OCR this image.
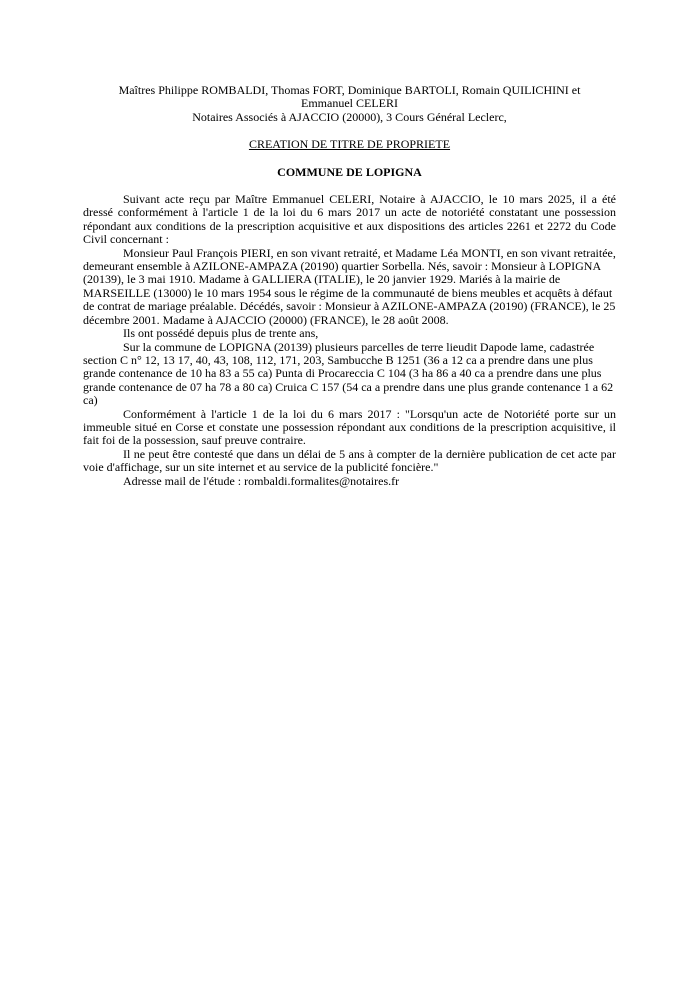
Maîtres Philippe ROMBALDI, Thomas FORT, Dominique BARTOLI, Romain QUILICHINI et
Emmanuel CELERI
Notaires Associés à AJACCIO (20000), 3 Cours Général Leclerc,
CREATION DE TITRE DE PROPRIETE
COMMUNE DE LOPIGNA

Suivant acte reçu par Maître Emmanuel CELERI, Notaire à AJACCIO, le 10 mars 2025, il a été dressé conformément à l'article 1 de la loi du 6 mars 2017 un acte de notoriété constatant une possession répondant aux conditions de la prescription acquisitive et aux dispositions des articles 2261 et 2272 du Code Civil concernant :

Monsieur Paul François PIERI, en son vivant retraité, et Madame Léa MONTI, en son vivant retraitée, demeurant ensemble à AZILONE-AMPAZA (20190) quartier Sorbella. Nés, savoir : Monsieur à LOPIGNA (20139), le 3 mai 1910. Madame à GALLIERA (ITALIE), le 20 janvier 1929. Mariés à la mairie de MARSEILLE (13000) le 10 mars 1954 sous le régime de la communauté de biens meubles et acquêts à défaut de contrat de mariage préalable. Décédés, savoir : Monsieur à AZILONE-AMPAZA (20190) (FRANCE), le 25 décembre 2001. Madame à AJACCIO (20000) (FRANCE), le 28 août 2008.

Ils ont possédé depuis plus de trente ans,

Sur la commune de LOPIGNA (20139) plusieurs parcelles de terre lieudit Dapode lame, cadastrée section C n° 12, 13 17, 40, 43, 108, 112, 171, 203, Sambucche B 1251 (36 a 12 ca a prendre dans une plus grande contenance de 10 ha 83 a 55 ca) Punta di Procareccia C 104 (3 ha 86 a 40 ca a prendre dans une plus grande contenance de 07 ha 78 a 80 ca) Cruica C 157 (54 ca a prendre dans une plus grande contenance 1 a 62 ca)

Conformément à l'article 1 de la loi du 6 mars 2017 : "Lorsqu'un acte de Notoriété porte sur un immeuble situé en Corse et constate une possession répondant aux conditions de la prescription acquisitive, il fait foi de la possession, sauf preuve contraire.

Il ne peut être contesté que dans un délai de 5 ans à compter de la dernière publication de cet acte par voie d'affichage, sur un site internet et au service de la publicité foncière."

Adresse mail de l'étude : rombaldi.formalites@notaires.fr
